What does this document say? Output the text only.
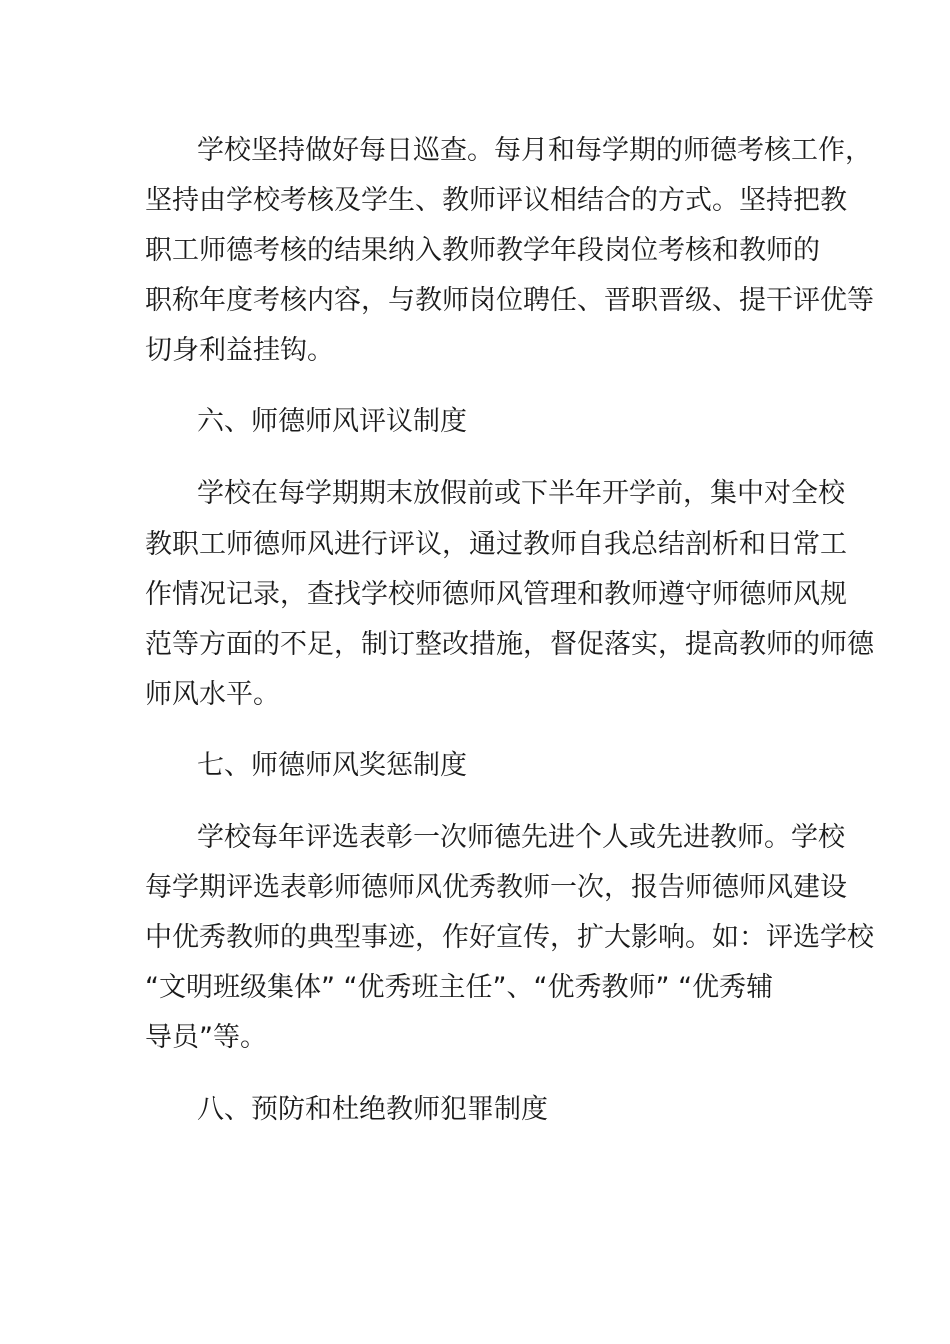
学校坚持做好每日巡查。每月和每学期的师德考核工作，

坚持由学校考核及学生、教师评议相结合的方式。坚持把教

职工师德考核的结果纳入教师教学年段岗位考核和教师的

职称年度考核内容，与教师岗位聘任、晋职晋级、提干评优等

切身利益挂钩。

六、师德师风评议制度

学校在每学期期末放假前或下半年开学前，集中对全校

教职工师德师风进行评议，通过教师自我总结剖析和日常工

作情况记录，查找学校师德师风管理和教师遵守师德师风规

范等方面的不足，制订整改措施，督促落实，提高教师的师德

师风水平。

七、师德师风奖惩制度

学校每年评选表彰一次师德先进个人或先进教师。学校

每学期评选表彰师德师风优秀教师一次，报告师德师风建设

中优秀教师的典型事迹，作好宣传，扩大影响。如：评选学校

“文明班级集体” “优秀班主任”、“优秀教师” “优秀辅

导员”等。

八、预防和杜绝教师犯罪制度
